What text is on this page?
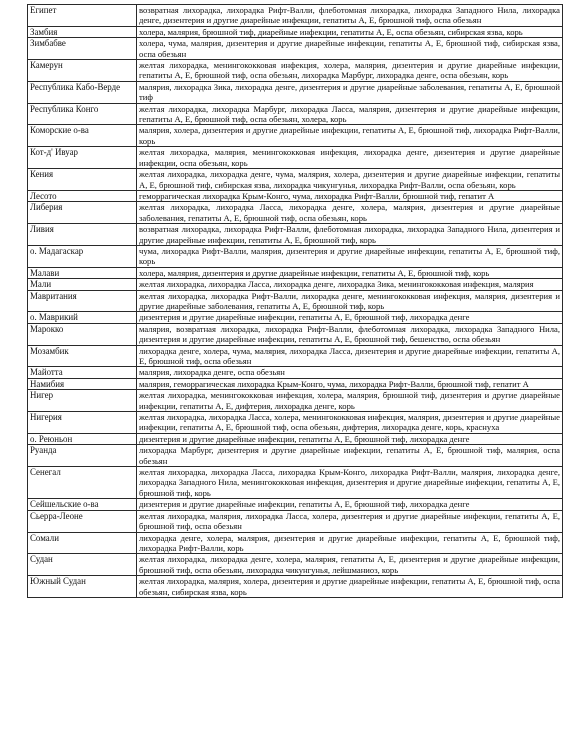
Египет	возвратная лихорадка, лихорадка Рифт-Валли, флеботомная лихорадка, лихорадка Западного Нила, лихорадка денге, дизентерия и другие диарейные инфекции, гепатиты А, Е, брюшной тиф, оспа обезьян
Замбия	холера, малярия, брюшной тиф, диарейные инфекции, гепатиты А, Е, оспа обезьян, сибирская язва, корь
Зимбабве	холера, чума, малярия, дизентерия и другие диарейные инфекции, гепатиты А, Е, брюшной тиф, сибирская язва, оспа обезьян
Камерун	желтая лихорадка, менингококковая инфекция, холера, малярия, дизентерия и другие диарейные инфекции, гепатиты А, Е, брюшной тиф, оспа обезьян, лихорадка Марбург, лихорадка денге, оспа обезьян, корь
Республика Кабо-Верде	малярия, лихорадка Зика, лихорадка денге, дизентерия и другие диарейные заболевания, гепатиты А, Е, брюшной тиф
Республика Конго	желтая лихорадка, лихорадка Марбург, лихорадка Ласса, малярия, дизентерия и другие диарейные инфекции, гепатиты А, Е, брюшной тиф, оспа обезьян, холера, корь
Коморские о-ва	малярия, холера, дизентерия и другие диарейные инфекции, гепатиты А, Е, брюшной тиф, лихорадка Рифт-Валли, корь
Кот-д' Ивуар	желтая лихорадка, малярия, менингококковая инфекция, лихорадка денге, дизентерия и другие диарейные инфекции, оспа обезьян, корь
Кения	желтая лихорадка, лихорадка денге, чума, малярия, холера, дизентерия и другие диарейные инфекции, гепатиты А, Е, брюшной тиф, сибирская язва, лихорадка чикунгунья, лихорадка Рифт-Валли, оспа обезьян, корь
Лесото	геморрагическая лихорадка Крым-Конго, чума, лихорадка Рифт-Валли, брюшной тиф, гепатит А
Либерия	желтая лихорадка, лихорадка Ласса, лихорадка денге, холера, малярия, дизентерия и другие диарейные заболевания, гепатиты А, Е, брюшной тиф, оспа обезьян, корь
Ливия	возвратная лихорадка, лихорадка Рифт-Валли, флеботомная лихорадка, лихорадка Западного Нила, дизентерия и другие диарейные инфекции, гепатиты А, Е, брюшной тиф, корь
о. Мадагаскар	чума, лихорадка Рифт-Валли, малярия, дизентерия и другие диарейные инфекции, гепатиты А, Е, брюшной тиф, корь
Малави	холера, малярия, дизентерия и другие диарейные инфекции, гепатиты А, Е, брюшной тиф, корь
Мали	желтая лихорадка, лихорадка Ласса, лихорадка денге, лихорадка Зика, менингококковая инфекция, малярия
Мавритания	желтая лихорадка, лихорадка Рифт-Валли, лихорадка денге, менингококковая инфекция, малярия, дизентерия и другие диарейные заболевания, гепатиты А, Е, брюшной тиф, корь
о. Маврикий	дизентерия и другие диарейные инфекции, гепатиты А, Е, брюшной тиф, лихорадка денге
Марокко	малярия, возвратная лихорадка, лихорадка Рифт-Валли, флеботомная лихорадка, лихорадка Западного Нила, дизентерия и другие диарейные инфекции, гепатиты А, Е, брюшной тиф, бешенство, оспа обезьян
Мозамбик	лихорадка денге, холера, чума, малярия, лихорадка Ласса, дизентерия и другие диарейные инфекции, гепатиты А, Е, брюшной тиф, оспа обезьян
Майотта	малярия, лихорадка денге, оспа обезьян
Намибия	малярия, геморрагическая лихорадка Крым-Конго, чума, лихорадка Рифт-Валли, брюшной тиф, гепатит А
Нигер	желтая лихорадка, менингококковая инфекция, холера, малярия, брюшной тиф, дизентерия и другие диарейные инфекции, гепатиты А, Е, дифтерия, лихорадка денге, корь
Нигерия	желтая лихорадка, лихорадка Ласса, холера, менингококковая инфекция, малярия, дизентерия и другие диарейные инфекции, гепатиты А, Е, брюшной тиф, оспа обезьян, дифтерия, лихорадка денге, корь, краснуха
о. Реюньон	дизентерия и другие диарейные инфекции, гепатиты А, Е, брюшной тиф, лихорадка денге
Руанда	лихорадка Марбург, дизентерия и другие диарейные инфекции, гепатиты А, Е, брюшной тиф, малярия, оспа обезьян
Сенегал	желтая лихорадка, лихорадка Ласса, лихорадка Крым-Конго, лихорадка Рифт-Валли, малярия, лихорадка денге, лихорадка Западного Нила, менингококковая инфекция, дизентерия и другие диарейные инфекции, гепатиты А, Е, брюшной тиф, корь
Сейшельские о-ва	дизентерия и другие диарейные инфекции, гепатиты А, Е, брюшной тиф, лихорадка денге
Сьерра-Леоне	желтая лихорадка, малярия, лихорадка Ласса, холера, дизентерия и другие диарейные инфекции, гепатиты А, Е, брюшной тиф, оспа обезьян
Сомали	лихорадка денге, холера, малярия, дизентерия и другие диарейные инфекции, гепатиты А, Е, брюшной тиф, лихорадка Рифт-Валли, корь
Судан	желтая лихорадка, лихорадка денге, холера, малярия, гепатиты А, Е, дизентерия и другие диарейные инфекции, брюшной тиф, оспа обезьян, лихорадка чикунгунья, лейшманиоз, корь
Южный Судан	желтая лихорадка, малярия, холера, дизентерия и другие диарейные инфекции, гепатиты А, Е, брюшной тиф, оспа обезьян, сибирская язва, корь
